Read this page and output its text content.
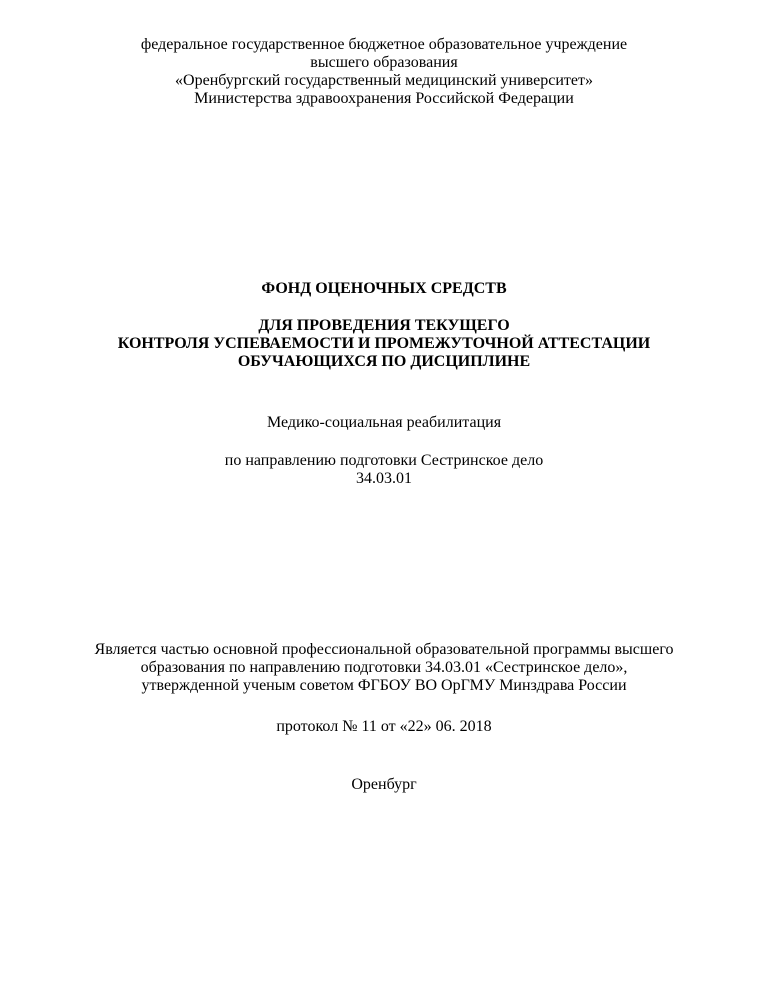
федеральное государственное бюджетное образовательное учреждение
высшего образования
«Оренбургский государственный медицинский университет»
Министерства здравоохранения Российской Федерации
ФОНД ОЦЕНОЧНЫХ СРЕДСТВ
ДЛЯ ПРОВЕДЕНИЯ ТЕКУЩЕГО
КОНТРОЛЯ УСПЕВАЕМОСТИ И ПРОМЕЖУТОЧНОЙ АТТЕСТАЦИИ
ОБУЧАЮЩИХСЯ ПО ДИСЦИПЛИНЕ
Медико-социальная реабилитация
по направлению подготовки Сестринское дело
34.03.01
Является частью основной профессиональной образовательной программы высшего
образования по направлению подготовки 34.03.01 «Сестринское дело»,
утвержденной ученым советом ФГБОУ ВО ОрГМУ Минздрава России
протокол № 11 от «22» 06. 2018
Оренбург
